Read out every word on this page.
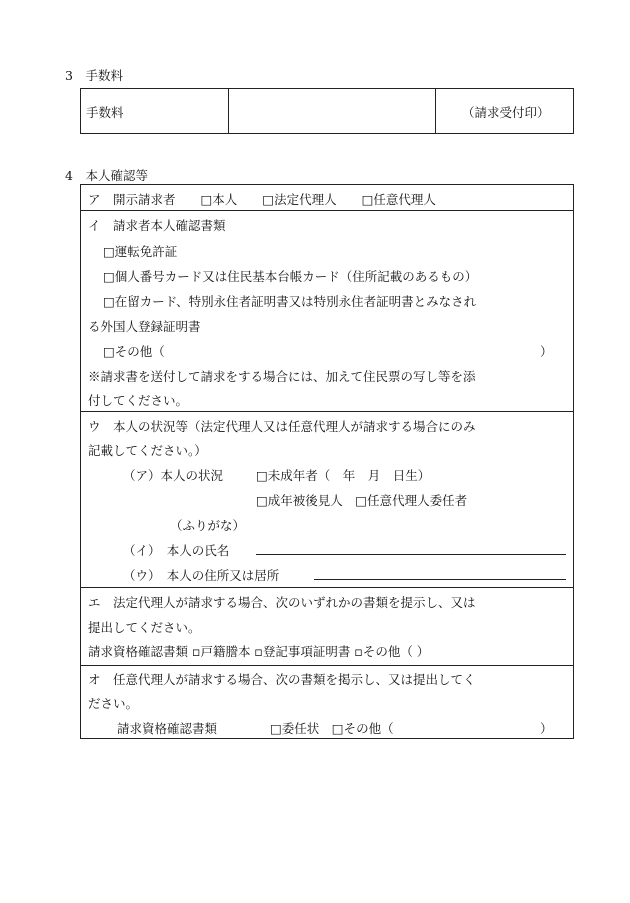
3　手数料
手数料	（請求受付印）
4　本人確認等
ア　開示請求者　　□本人　　□法定代理人　　□任意代理人
イ　請求者本人確認書類
□運転免許証
□個人番号カード又は住民基本台帳カード（住所記載のあるもの）
□在留カード、特別永住者証明書又は特別永住者証明書とみなされ
る外国人登録証明書
□その他（	）
※請求書を送付して請求をする場合には、加えて住民票の写し等を添
付してください。
ウ　本人の状況等（法定代理人又は任意代理人が請求する場合にのみ
記載してください。）
（ア）本人の状況	□未成年者（　年　月　日生）
□成年被後見人　□任意代理人委任者
（ふりがな）
（イ）　本人の氏名
（ウ）　本人の住所又は居所
エ　法定代理人が請求する場合、次のいずれかの書類を提示し、又は
提出してください。
請求資格確認書類 ▫戸籍謄本 ▫登記事項証明書 ▫その他（ ）
オ　任意代理人が請求する場合、次の書類を掲示し、又は提出してく
ださい。
請求資格確認書類	□委任状　□その他（	）
